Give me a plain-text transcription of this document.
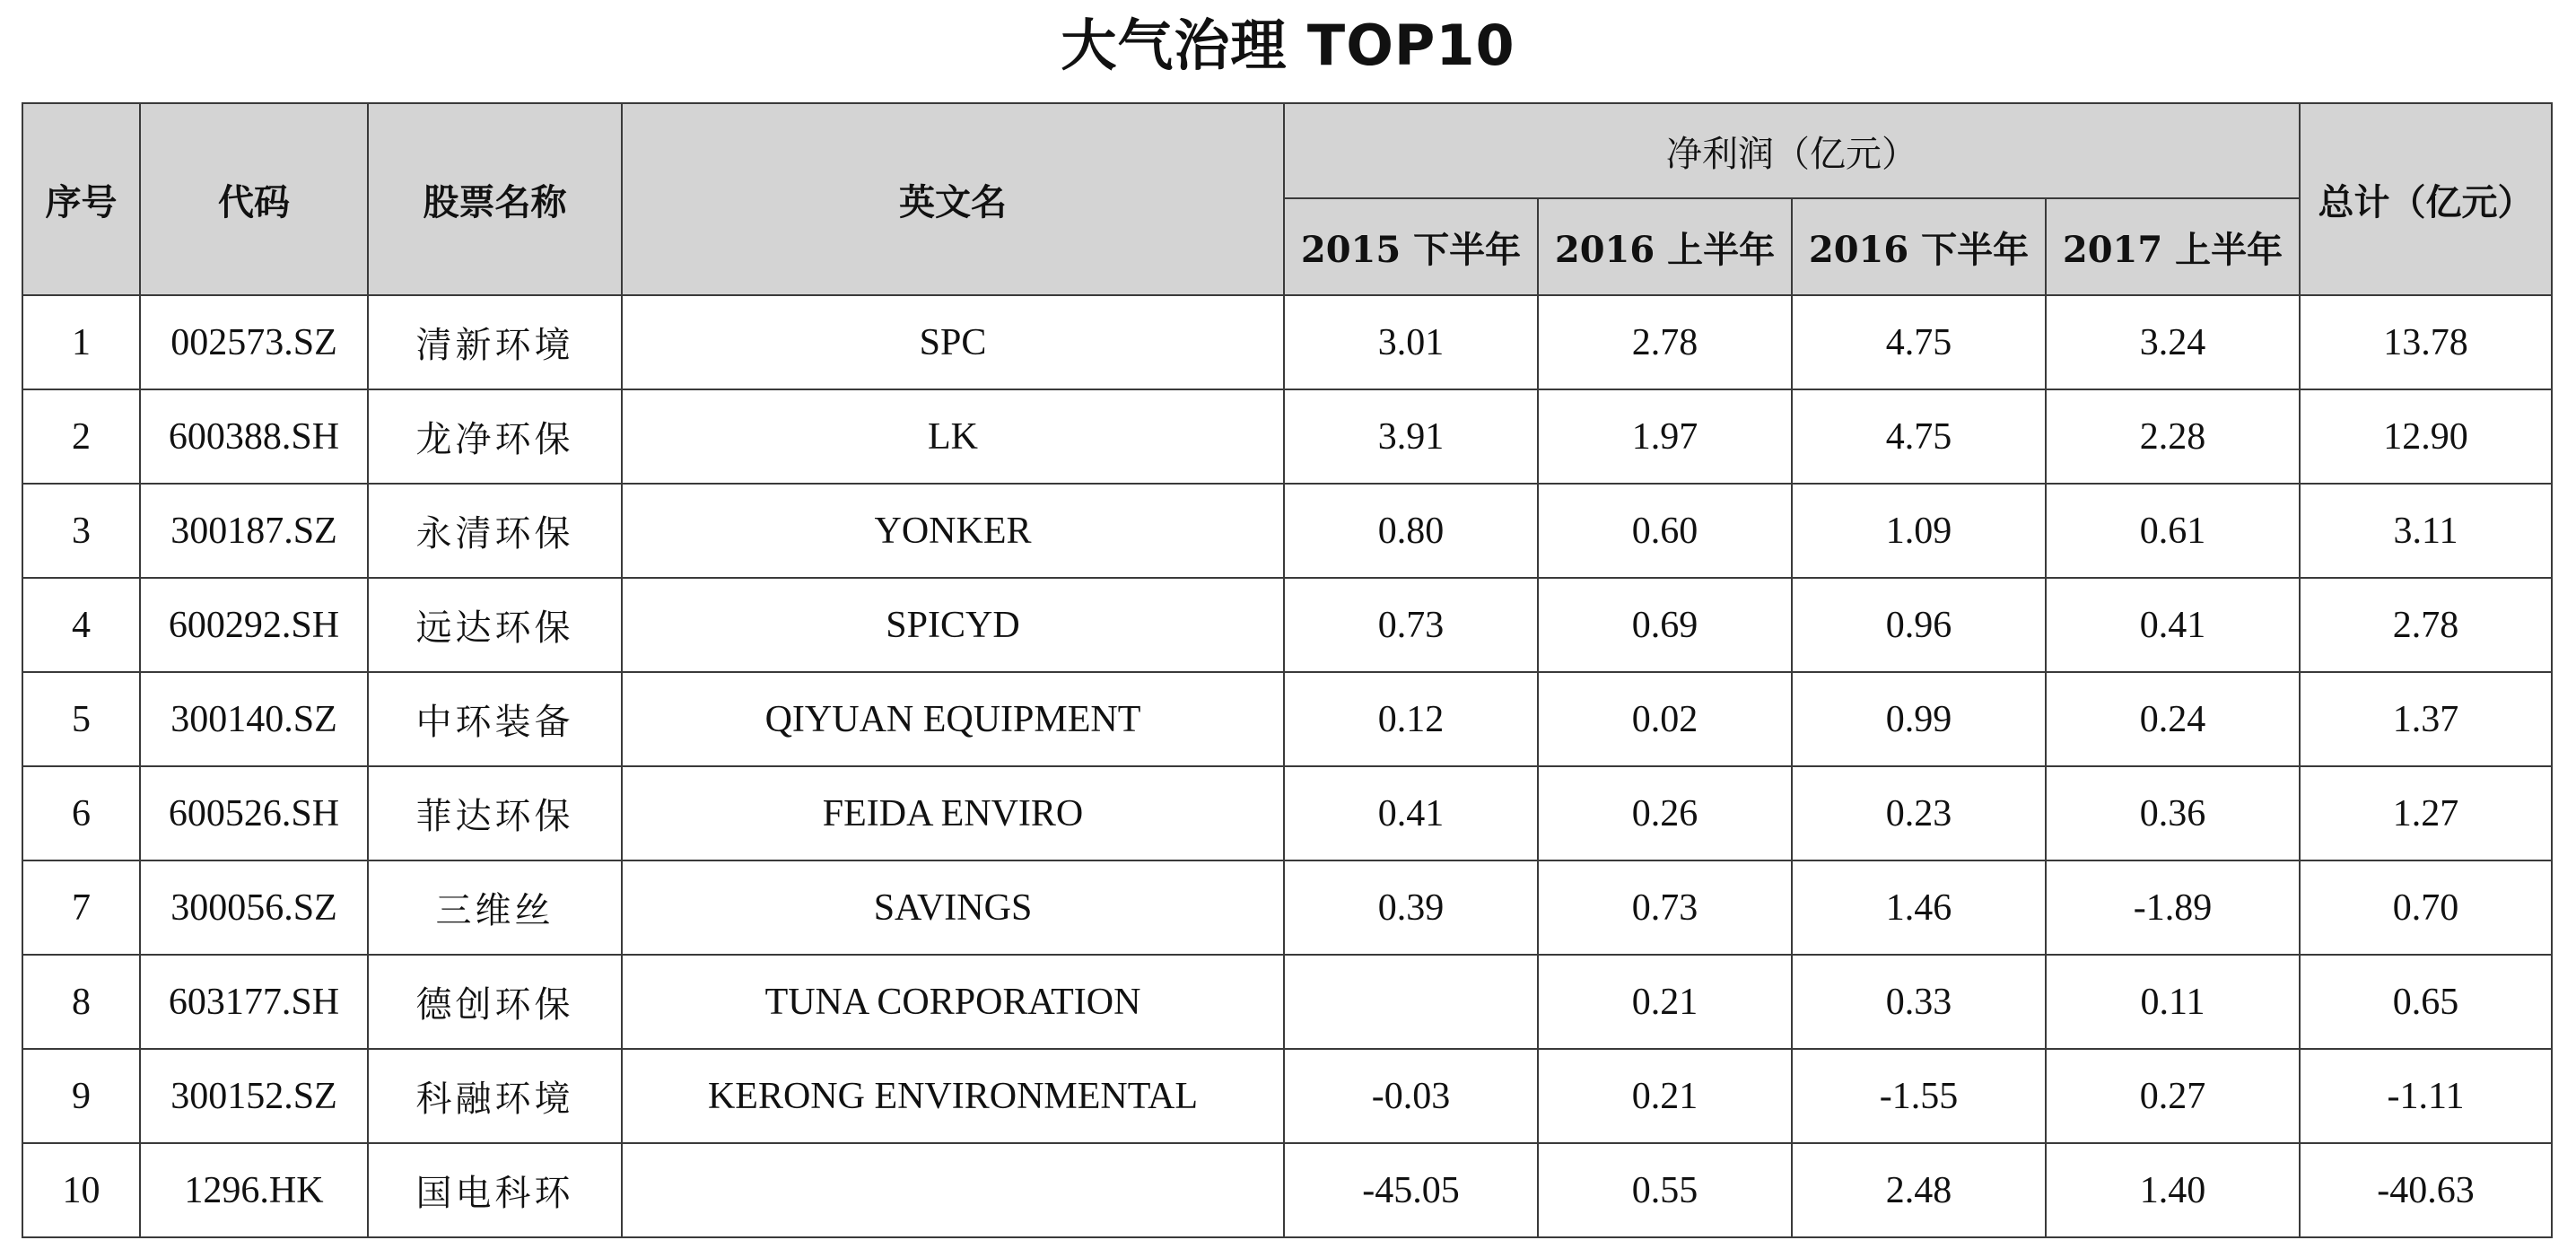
大气治理 TOP10
序号	代码	股票名称	英文名	净利润（亿元）				总计（亿元）
				2015 下半年	2016 上半年	2016 下半年	2017 上半年	
1	002573.SZ	清新环境	SPC	3.01	2.78	4.75	3.24	13.78
2	600388.SH	龙净环保	LK	3.91	1.97	4.75	2.28	12.90
3	300187.SZ	永清环保	YONKER	0.80	0.60	1.09	0.61	3.11
4	600292.SH	远达环保	SPICYD	0.73	0.69	0.96	0.41	2.78
5	300140.SZ	中环装备	QIYUAN EQUIPMENT	0.12	0.02	0.99	0.24	1.37
6	600526.SH	菲达环保	FEIDA ENVIRO	0.41	0.26	0.23	0.36	1.27
7	300056.SZ	三维丝	SAVINGS	0.39	0.73	1.46	-1.89	0.70
8	603177.SH	德创环保	TUNA CORPORATION		0.21	0.33	0.11	0.65
9	300152.SZ	科融环境	KERONG ENVIRONMENTAL	-0.03	0.21	-1.55	0.27	-1.11
10	1296.HK	国电科环		-45.05	0.55	2.48	1.40	-40.63
